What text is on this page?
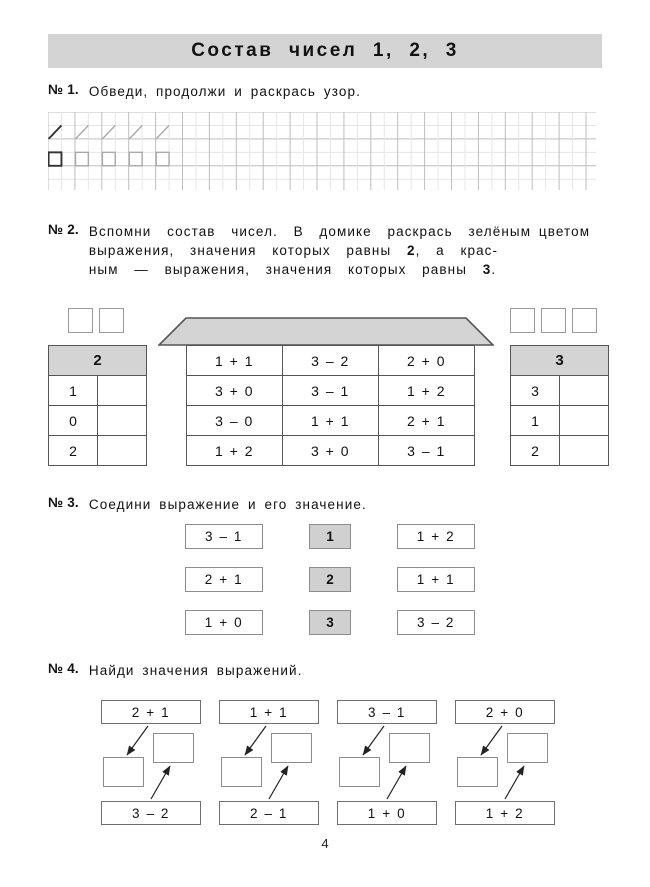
Состав  чисел  1,  2,  3
№ 1. Обведи, продолжи и раскрась узор.
№ 2. Вспомни  состав  чисел.  В  домике  раскрась  зелёным цветом  выражения,  значения  которых  равны  2,  а  крас-
ным  —  выражения,  значения  которых  равны  3.
2	
1	
0	
2	
1 + 1	3 – 2	2 + 0
3 + 0	3 – 1	1 + 2
3 – 0	1 + 1	2 + 1
1 + 2	3 + 0	3 – 1
3	
3	
1	
2	
№ 3. Соедини выражение и его значение.
3 – 1	1	1 + 2
2 + 1	2	1 + 1
1 + 0	3	3 – 2
№ 4. Найди значения выражений.
2 + 1
3 – 2
1 + 1
2 – 1
3 – 1
1 + 0
2 + 0
1 + 2
4
